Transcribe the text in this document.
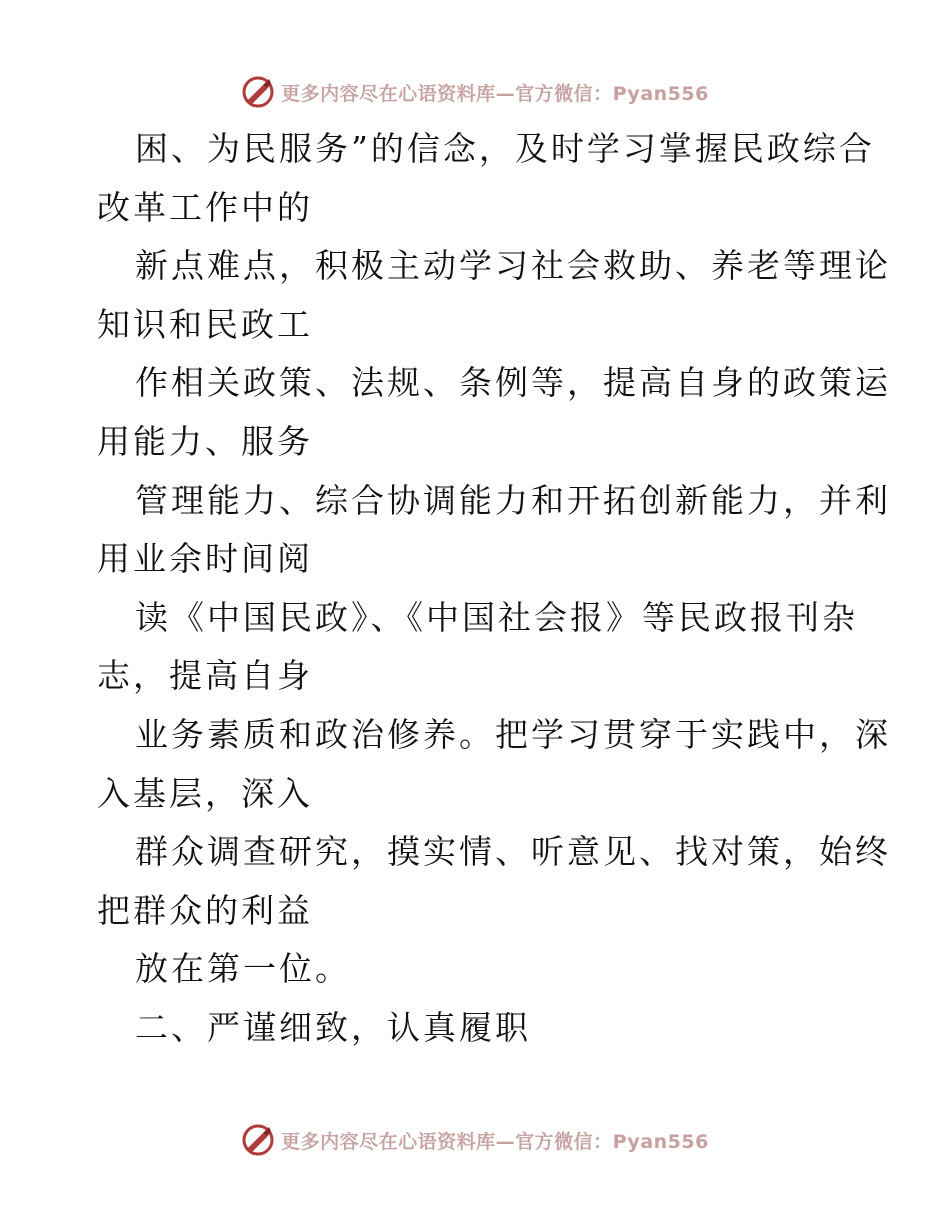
更多内容尽在心语资料库—官方微信：Pyan556
困、为民服务”的信念，及时学习掌握民政综合
改革工作中的
新点难点，积极主动学习社会救助、养老等理论
知识和民政工
作相关政策、法规、条例等，提高自身的政策运
用能力、服务
管理能力、综合协调能力和开拓创新能力，并利
用业余时间阅
读《中国民政》、《中国社会报》等民政报刊杂
志，提高自身
业务素质和政治修养。把学习贯穿于实践中，深
入基层，深入
群众调查研究，摸实情、听意见、找对策，始终
把群众的利益
放在第一位。
二、严谨细致，认真履职
更多内容尽在心语资料库—官方微信：Pyan556
